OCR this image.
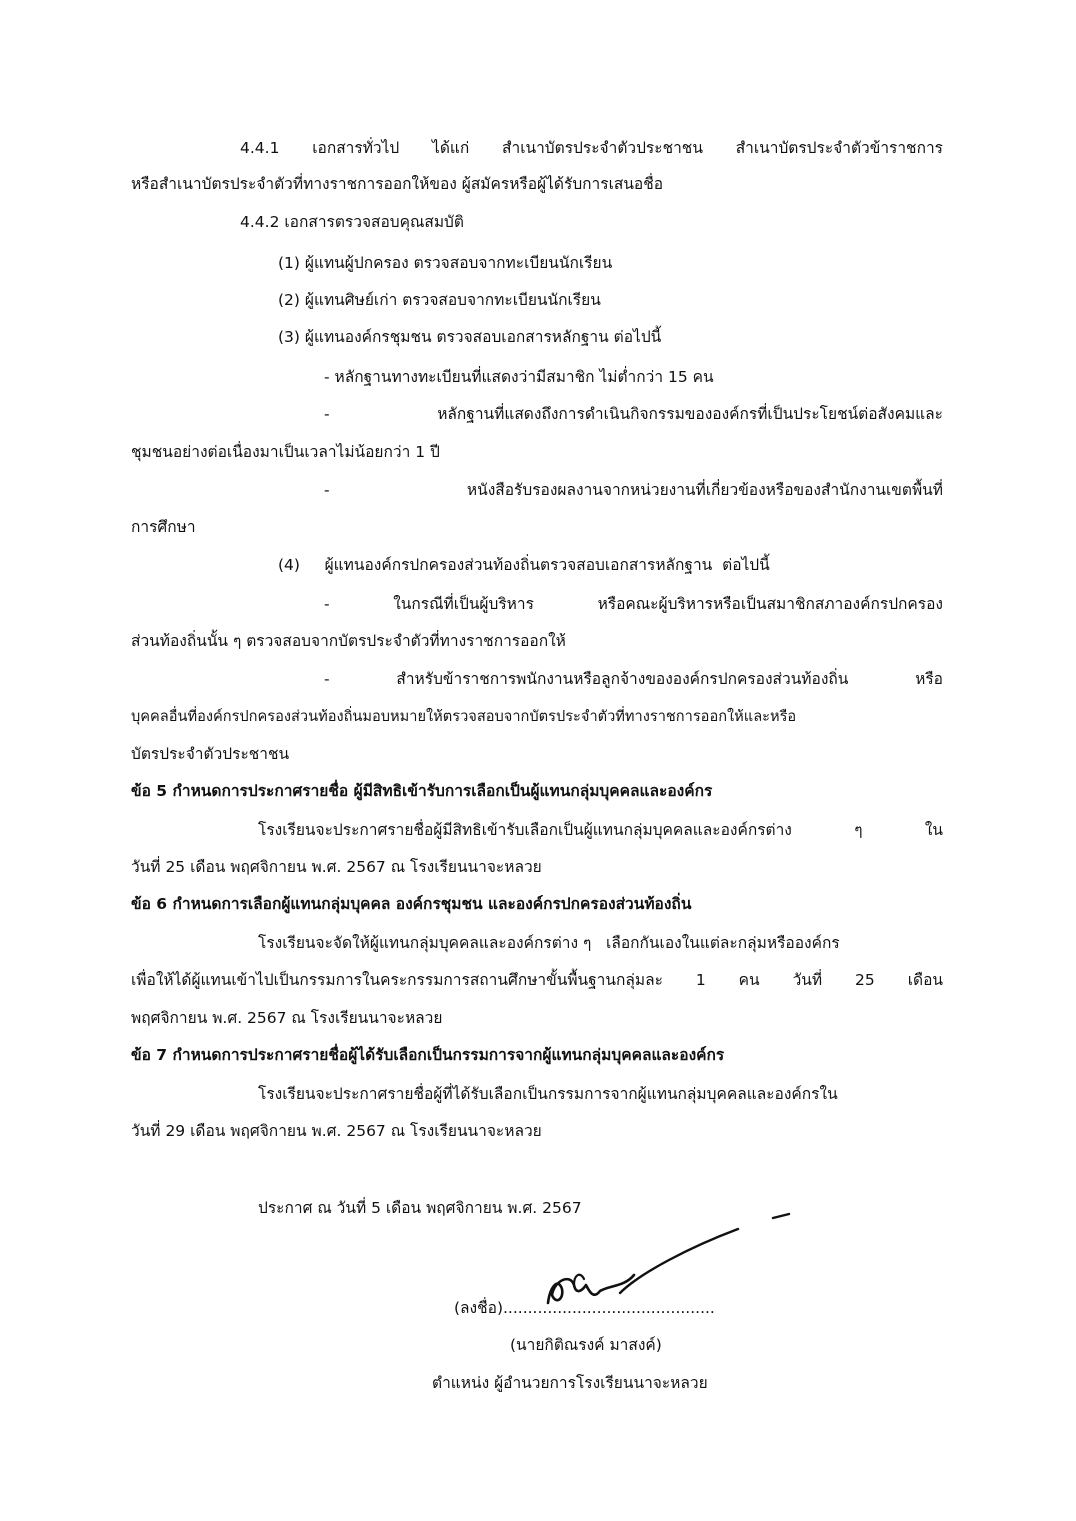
4.4.1 เอกสารทั่วไป ได้แก่ สำเนาบัตรประจำตัวประชาชน สำเนาบัตรประจำตัวข้าราชการ

หรือสำเนาบัตรประจำตัวที่ทางราชการออกให้ของ ผู้สมัครหรือผู้ได้รับการเสนอชื่อ

4.4.2 เอกสารตรวจสอบคุณสมบัติ

(1) ผู้แทนผู้ปกครอง ตรวจสอบจากทะเบียนนักเรียน

(2) ผู้แทนศิษย์เก่า ตรวจสอบจากทะเบียนนักเรียน

(3) ผู้แทนองค์กรชุมชน ตรวจสอบเอกสารหลักฐาน ต่อไปนี้

- หลักฐานทางทะเบียนที่แสดงว่ามีสมาชิก ไม่ต่ำกว่า 15 คน

- หลักฐานที่แสดงถึงการดำเนินกิจกรรมขององค์กรที่เป็นประโยชน์ต่อสังคมและ

ชุมชนอย่างต่อเนื่องมาเป็นเวลาไม่น้อยกว่า 1 ปี

- หนังสือรับรองผลงานจากหน่วยงานที่เกี่ยวข้องหรือของสำนักงานเขตพื้นที่

การศึกษา

(4)     ผู้แทนองค์กรปกครองส่วนท้องถิ่นตรวจสอบเอกสารหลักฐาน  ต่อไปนี้

- ในกรณีที่เป็นผู้บริหาร หรือคณะผู้บริหารหรือเป็นสมาชิกสภาองค์กรปกครอง

ส่วนท้องถิ่นนั้น ๆ ตรวจสอบจากบัตรประจำตัวที่ทางราชการออกให้

- สำหรับข้าราชการพนักงานหรือลูกจ้างขององค์กรปกครองส่วนท้องถิ่น หรือ

บุคคลอื่นที่องค์กรปกครองส่วนท้องถิ่นมอบหมายให้ตรวจสอบจากบัตรประจำตัวที่ทางราชการออกให้และหรือ

บัตรประจำตัวประชาชน

ข้อ 5 กำหนดการประกาศรายชื่อ ผู้มีสิทธิเข้ารับการเลือกเป็นผู้แทนกลุ่มบุคคลและองค์กร

โรงเรียนจะประกาศรายชื่อผู้มีสิทธิเข้ารับเลือกเป็นผู้แทนกลุ่มบุคคลและองค์กรต่าง ๆ ใน

วันที่ 25 เดือน พฤศจิกายน พ.ศ. 2567 ณ โรงเรียนนาจะหลวย

ข้อ 6 กำหนดการเลือกผู้แทนกลุ่มบุคคล องค์กรชุมชน และองค์กรปกครองส่วนท้องถิ่น

โรงเรียนจะจัดให้ผู้แทนกลุ่มบุคคลและองค์กรต่าง ๆ   เลือกกันเองในแต่ละกลุ่มหรือองค์กร

เพื่อให้ได้ผู้แทนเข้าไปเป็นกรรมการในคระกรรมการสถานศึกษาขั้นพื้นฐานกลุ่มละ 1 คน วันที่ 25 เดือน

พฤศจิกายน พ.ศ. 2567 ณ โรงเรียนนาจะหลวย

ข้อ 7 กำหนดการประกาศรายชื่อผู้ได้รับเลือกเป็นกรรมการจากผู้แทนกลุ่มบุคคลและองค์กร

โรงเรียนจะประกาศรายชื่อผู้ที่ได้รับเลือกเป็นกรรมการจากผู้แทนกลุ่มบุคคลและองค์กรใน

วันที่ 29 เดือน พฤศจิกายน พ.ศ. 2567 ณ โรงเรียนนาจะหลวย

ประกาศ ณ วันที่ 5 เดือน พฤศจิกายน พ.ศ. 2567

(ลงชื่อ)...........................................

(นายกิติณรงค์ มาสงค์)

ตำแหน่ง ผู้อำนวยการโรงเรียนนาจะหลวย
